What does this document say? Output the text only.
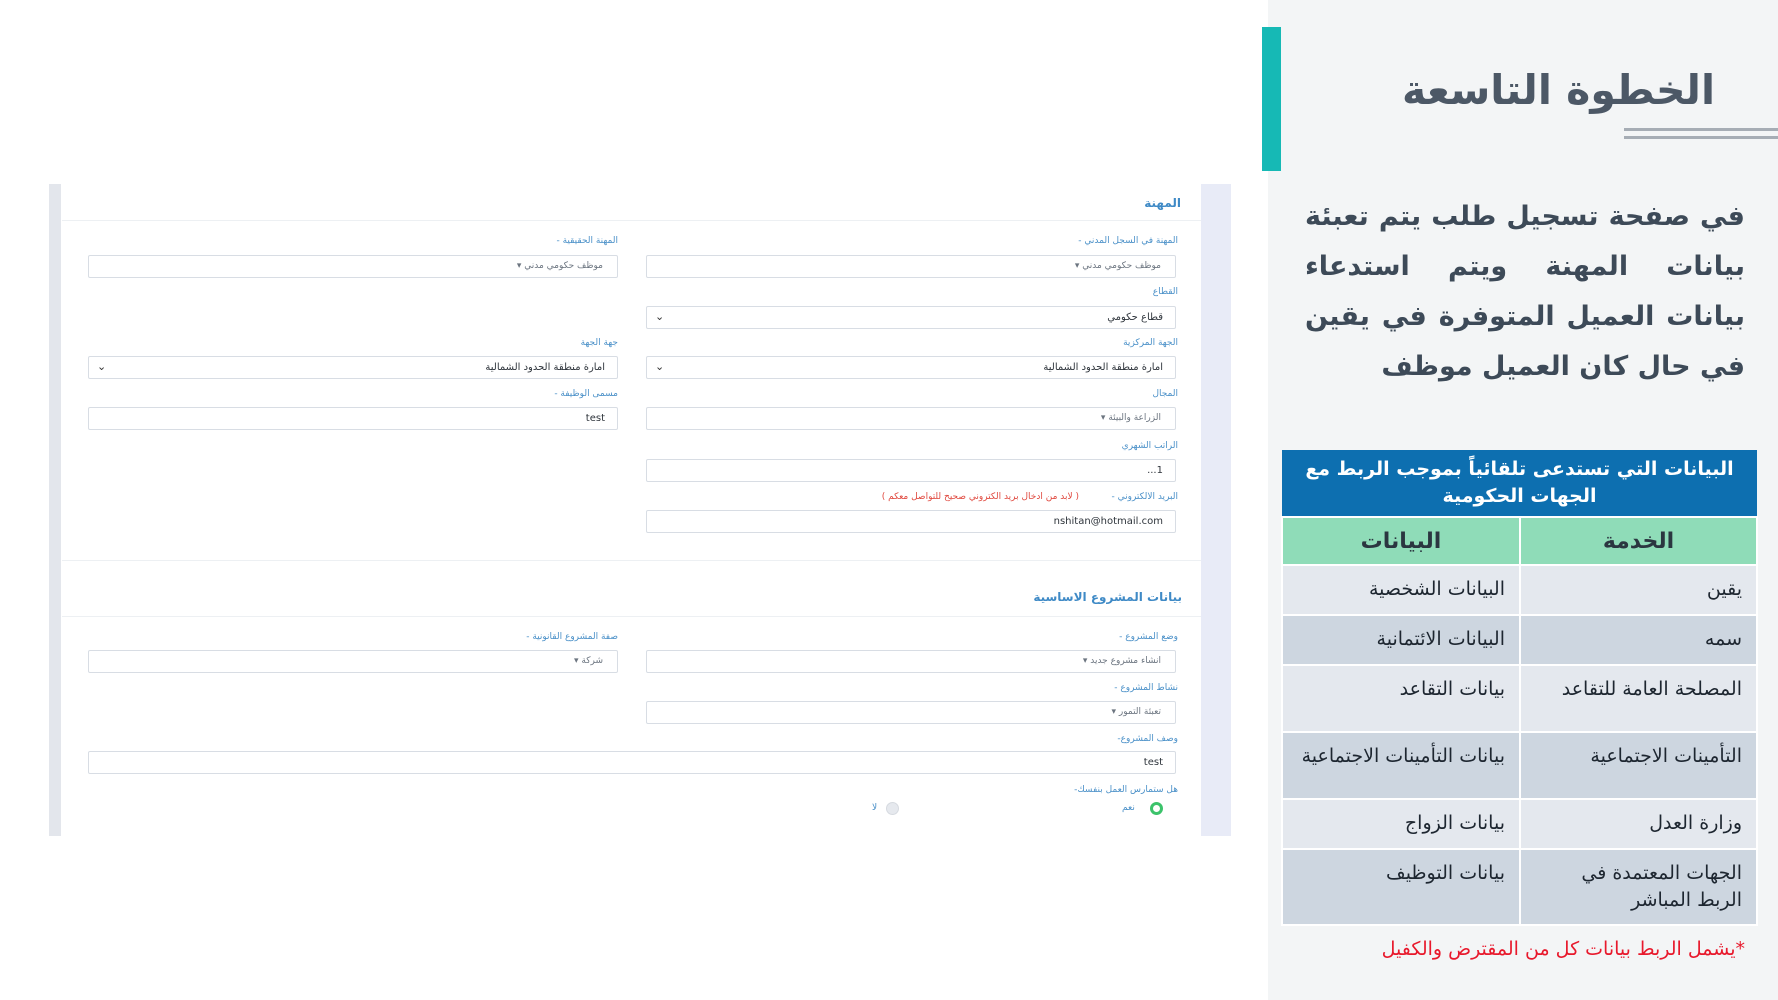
المهنة
المهنة في السجل المدني -
موظف حكومي مدني ▾
المهنة الحقيقية -
موظف حكومي مدني ▾
القطاع
قطاع حكومي
⌄
الجهة المركزية
امارة منطقة الحدود الشمالية
⌄
جهة الجهة
امارة منطقة الحدود الشمالية
⌄
المجال
الزراعة والبيئة ▾
مسمى الوظيفة -
test
الراتب الشهري
1...
البريد الالكتروني -
( لابد من ادخال بريد الكتروني صحيح للتواصل معكم )
nshitan@hotmail.com
بيانات المشروع الاساسية
وضع المشروع -
انشاء مشروع جديد ▾
صفة المشروع القانونية -
شركة ▾
نشاط المشروع -
تعبئة التمور ▾
وصف المشروع-
test
هل ستمارس العمل بنفسك-
نعم
لا
الخطوة التاسعة
في صفحة تسجيل طلب يتم تعبئة بيانات المهنة ويتم استدعاء بيانات العميل المتوفرة في يقين في حال كان العميل موظف
البيانات التي تستدعى تلقائياً بموجب الربط مع الجهات الحكومية	
الخدمة	البيانات
يقين	البيانات الشخصية
سمه	البيانات الائتمانية
المصلحة العامة للتقاعد	بيانات التقاعد
التأمينات الاجتماعية	بيانات التأمينات الاجتماعية
وزارة العدل	بيانات الزواج
الجهات المعتمدة في الربط المباشر	بيانات التوظيف
*يشمل الربط بيانات كل من المقترض والكفيل
